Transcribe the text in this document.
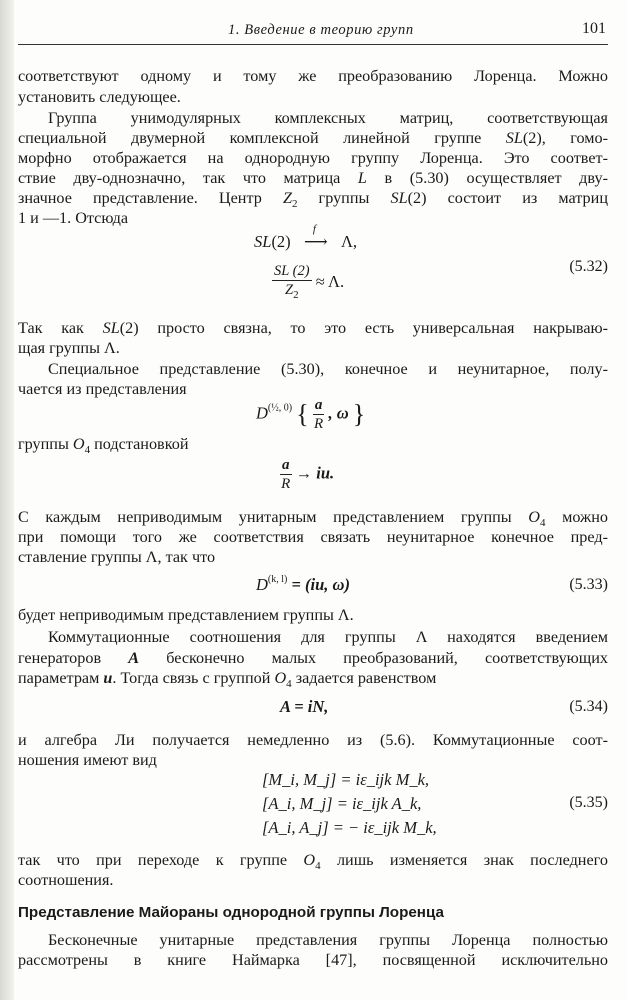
1. Введение в теорию групп	101
соответствуют одному и тому же преобразованию Лоренца. Можно
установить следующее.
Группа унимодулярных комплексных матриц, соответствующая
специальной двумерной комплексной линейной группе SL(2), гомо-
морфно отображается на однородную группу Лоренца. Это соответ-
ствие дву-однозначно, так что матрица L в (5.30) осуществляет дву-
значное представление. Центр $Z_2$ группы SL(2) состоит из матриц
1 и —1. Отсюда
SL(2)
f
⟶ Λ,
$\frac{SL (2)}{Z_2} \approx \Lambda$.
(5.32)
Так как SL(2) просто связна, то это есть универсальная накрываю-
щая группы Λ.
Специальное представление (5.30), конечное и неунитарное, полу-
чается из представления
$D^{(\frac{1}{2}, 0)}$ { $\frac{a}{R}$ , ω }
группы $O_4$ подстановкой
$\frac{a}{R}$ → iu.
С каждым неприводимым унитарным представлением группы $O_4$ можно
при помощи того же соответствия связать неунитарное конечное пред-
ставление группы Λ, так что
D$^{(k, l)}$ = (iu, ω)	(5.33)
будет неприводимым представлением группы Λ.
Коммутационные соотношения для группы Λ находятся введением
генераторов A бесконечно малых преобразований, соответствующих
параметрам u. Тогда связь с группой $O_4$ задается равенством
A = iN,	(5.34)
и алгебра Ли получается немедленно из (5.6). Коммутационные соот-
ношения имеют вид
[M_i, M_j] = iε_ijk M_k,
[A_i, M_j] = iε_ijk A_k,
[A_i, A_j] = − iε_ijk M_k,
(5.35)
так что при переходе к группе $O_4$ лишь изменяется знак последнего
соотношения.
Представление Майораны однородной группы Лоренца
Бесконечные унитарные представления группы Лоренца полностью
рассмотрены в книге Наймарка [47], посвященной исключительно
